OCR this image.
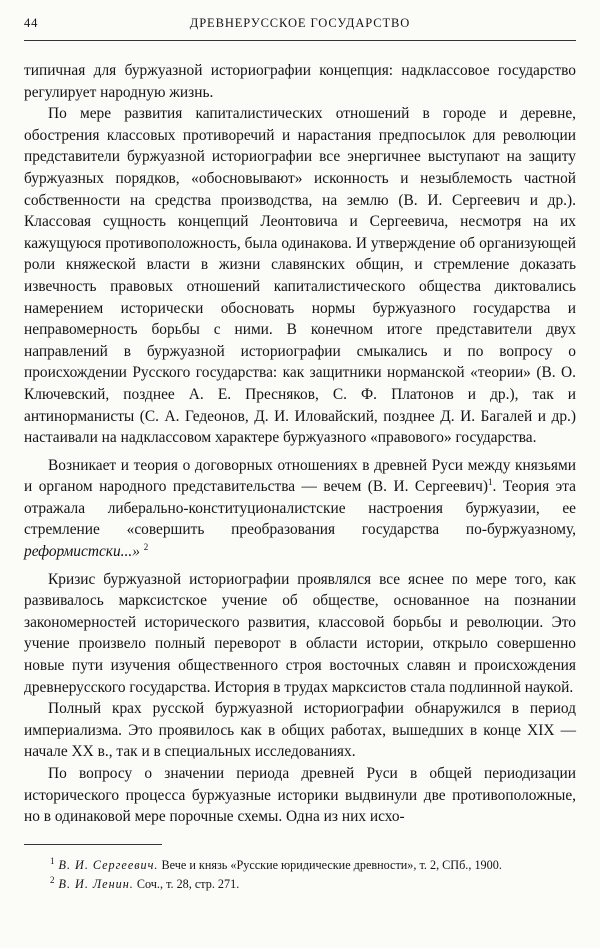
44	ДРЕВНЕРУССКОЕ ГОСУДАРСТВО

типичная для буржуазной историографии концепция: надклассовое государство регулирует народную жизнь.

По мере развития капиталистических отношений в городе и деревне, обострения классовых противоречий и нарастания предпосылок для революции представители буржуазной историографии все энергичнее выступают на защиту буржуазных порядков, «обосновывают» исконность и незыблемость частной собственности на средства производства, на землю (В. И. Сергеевич и др.). Классовая сущность концепций Леонтовича и Сергеевича, несмотря на их кажущуюся противоположность, была одинакова. И утверждение об организующей роли княжеской власти в жизни славянских общин, и стремление доказать извечность правовых отношений капиталистического общества диктовались намерением исторически обосновать нормы буржуазного государства и неправомерность борьбы с ними. В конечном итоге представители двух направлений в буржуазной историографии смыкались и по вопросу о происхождении Русского государства: как защитники норманской «теории» (В. О. Ключевский, позднее А. Е. Пресняков, С. Ф. Платонов и др.), так и антинорманисты (С. А. Гедеонов, Д. И. Иловайский, позднее Д. И. Багалей и др.) настаивали на надклассовом характере буржуазного «правового» государства.

Возникает и теория о договорных отношениях в древней Руси между князьями и органом народного представительства — вечем (В. И. Сергеевич)$^1$. Теория эта отражала либерально-конституционалистские настроения буржуазии, ее стремление «совершить преобразования государства по-буржуазному, реформистски...» $^2$

Кризис буржуазной историографии проявлялся все яснее по мере того, как развивалось марксистское учение об обществе, основанное на познании закономерностей исторического развития, классовой борьбы и революции. Это учение произвело полный переворот в области истории, открыло совершенно новые пути изучения общественного строя восточных славян и происхождения древнерусского государства. История в трудах марксистов стала подлинной наукой.

Полный крах русской буржуазной историографии обнаружился в период империализма. Это проявилось как в общих работах, вышедших в конце XIX — начале XX в., так и в специальных исследованиях.

По вопросу о значении периода древней Руси в общей периодизации исторического процесса буржуазные историки выдвинули две противоположные, но в одинаковой мере порочные схемы. Одна из них исхо-

$^1$ В. И. Сергеевич. Вече и князь «Русские юридические древности», т. 2, СПб., 1900.

$^2$ В. И. Ленин. Соч., т. 28, стр. 271.
